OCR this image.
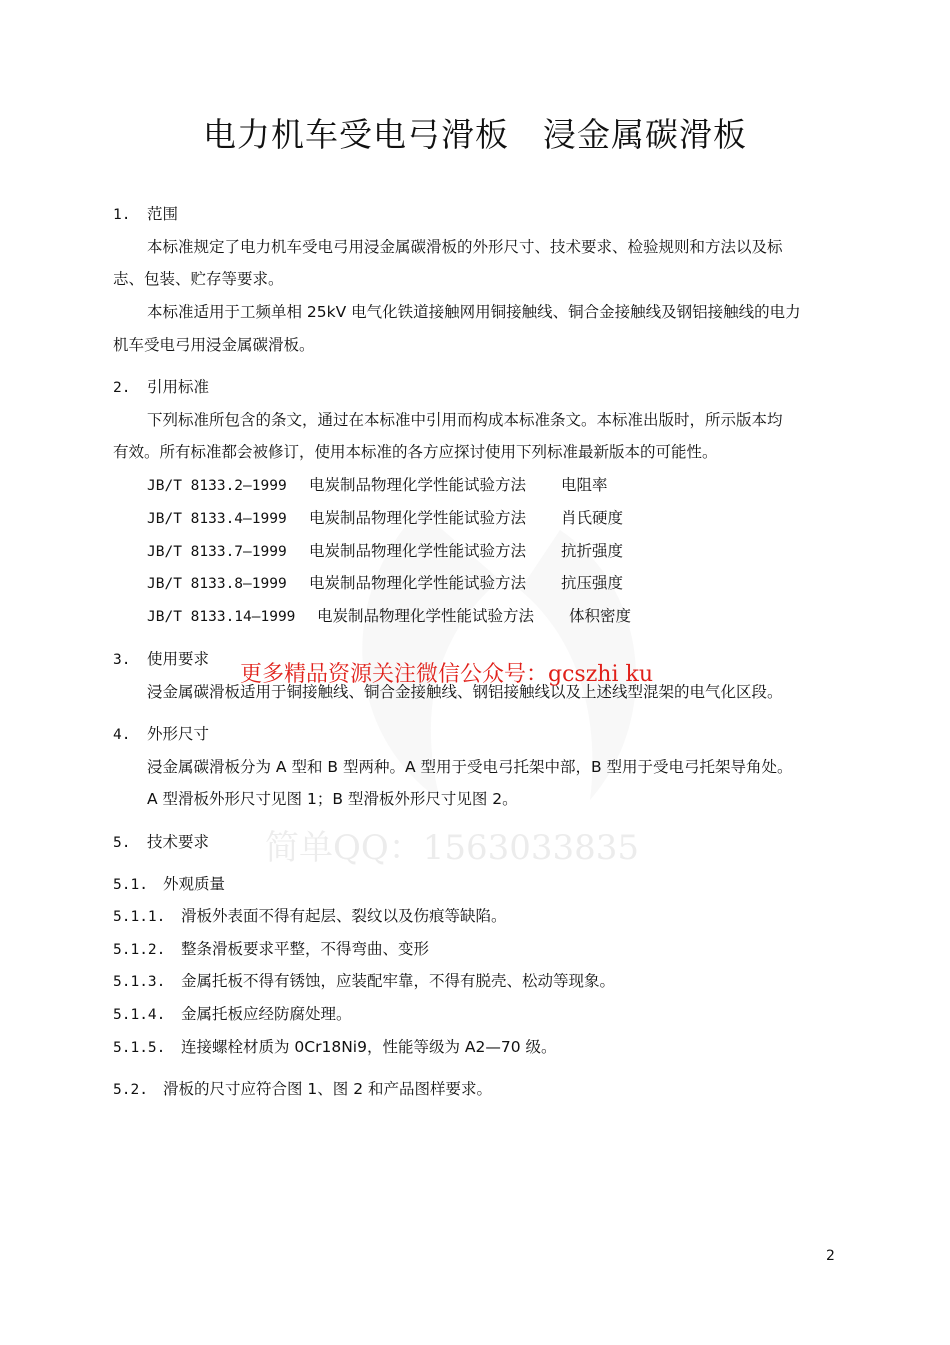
电力机车受电弓滑板　浸金属碳滑板
1. 范围
本标准规定了电力机车受电弓用浸金属碳滑板的外形尺寸、技术要求、检验规则和方法以及标
志、包装、贮存等要求。
本标准适用于工频单相 25kV 电气化铁道接触网用铜接触线、铜合金接触线及钢铝接触线的电力
机车受电弓用浸金属碳滑板。
2. 引用标准
下列标准所包含的条文，通过在本标准中引用而构成本标准条文。本标准出版时，所示版本均
有效。所有标准都会被修订，使用本标准的各方应探讨使用下列标准最新版本的可能性。
JB/T 8133.2—1999 电炭制品物理化学性能试验方法 电阻率
JB/T 8133.4—1999 电炭制品物理化学性能试验方法 肖氏硬度
JB/T 8133.7—1999 电炭制品物理化学性能试验方法 抗折强度
JB/T 8133.8—1999 电炭制品物理化学性能试验方法 抗压强度
JB/T 8133.14—1999 电炭制品物理化学性能试验方法 体积密度
3. 使用要求
浸金属碳滑板适用于铜接触线、铜合金接触线、钢铝接触线以及上述线型混架的电气化区段。
4. 外形尺寸
浸金属碳滑板分为 A 型和 B 型两种。A 型用于受电弓托架中部，B 型用于受电弓托架导角处。
A 型滑板外形尺寸见图 1；B 型滑板外形尺寸见图 2。
5. 技术要求
5.1. 外观质量
5.1.1. 滑板外表面不得有起层、裂纹以及伤痕等缺陷。
5.1.2. 整条滑板要求平整，不得弯曲、变形
5.1.3. 金属托板不得有锈蚀，应装配牢靠，不得有脱壳、松动等现象。
5.1.4. 金属托板应经防腐处理。
5.1.5. 连接螺栓材质为 0Cr18Ni9，性能等级为 A2—70 级。
5.2. 滑板的尺寸应符合图 1、图 2 和产品图样要求。
更多精品资源关注微信公众号：gcszhi ku
简单QQ：1563033835
2
